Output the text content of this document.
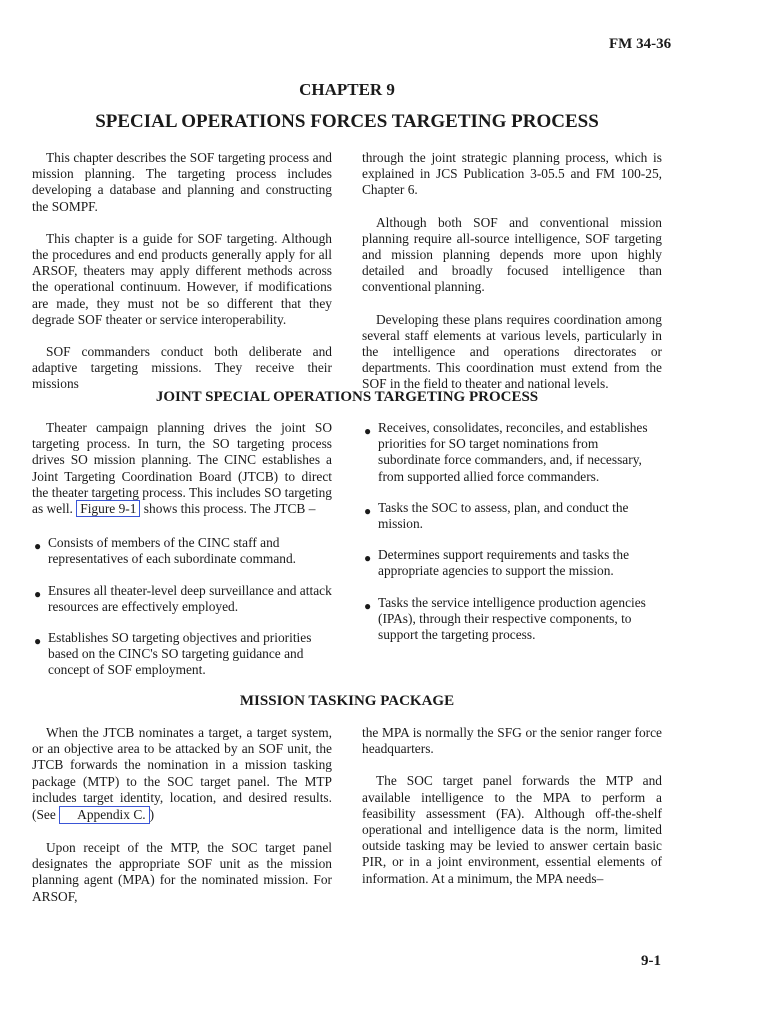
FM 34-36
CHAPTER 9
SPECIAL OPERATIONS FORCES TARGETING PROCESS

This chapter describes the SOF targeting process and mission planning. The targeting process includes developing a database and planning and constructing the SOMPF.

This chapter is a guide for SOF targeting. Although the procedures and end products generally apply for all ARSOF, theaters may apply different methods across the operational continuum. However, if modifications are made, they must not be so different that they degrade SOF theater or service interoperability.

SOF commanders conduct both deliberate and adaptive targeting missions. They receive their missions

through the joint strategic planning process, which is explained in JCS Publication 3-05.5 and FM 100-25, Chapter 6.

Although both SOF and conventional mission planning require all-source intelligence, SOF targeting and mission planning depends more upon highly detailed and broadly focused intelligence than conventional planning.

Developing these plans requires coordination among several staff elements at various levels, particularly in the intelligence and operations directorates or departments. This coordination must extend from the SOF in the field to theater and national levels.

JOINT SPECIAL OPERATIONS TARGETING PROCESS

Theater campaign planning drives the joint SO targeting process. In turn, the SO targeting process drives SO mission planning. The CINC establishes a Joint Targeting Coordination Board (JTCB) to direct the theater targeting process. This includes SO targeting as well. Figure 9-1 shows this process. The JTCB –

● Consists of members of the CINC staff and representatives of each subordinate command.
● Ensures all theater-level deep surveillance and attack resources are effectively employed.
● Establishes SO targeting objectives and priorities based on the CINC's SO targeting guidance and concept of SOF employment.
● Receives, consolidates, reconciles, and establishes priorities for SO target nominations from subordinate force commanders, and, if necessary, from supported allied force commanders.
● Tasks the SOC to assess, plan, and conduct the mission.
● Determines support requirements and tasks the appropriate agencies to support the mission.
● Tasks the service intelligence production agencies (IPAs), through their respective components, to support the targeting process.
MISSION TASKING PACKAGE

When the JTCB nominates a target, a target system, or an objective area to be attacked by an SOF unit, the JTCB forwards the nomination in a mission tasking package (MTP) to the SOC target panel. The MTP includes target identity, location, and desired results. (See Appendix C. )

Upon receipt of the MTP, the SOC target panel designates the appropriate SOF unit as the mission planning agent (MPA) for the nominated mission. For ARSOF,

the MPA is normally the SFG or the senior ranger force headquarters.

The SOC target panel forwards the MTP and available intelligence to the MPA to perform a feasibility assessment (FA). Although off-the-shelf operational and intelligence data is the norm, limited outside tasking may be levied to answer certain basic PIR, or in a joint environment, essential elements of information. At a minimum, the MPA needs–

9-1
